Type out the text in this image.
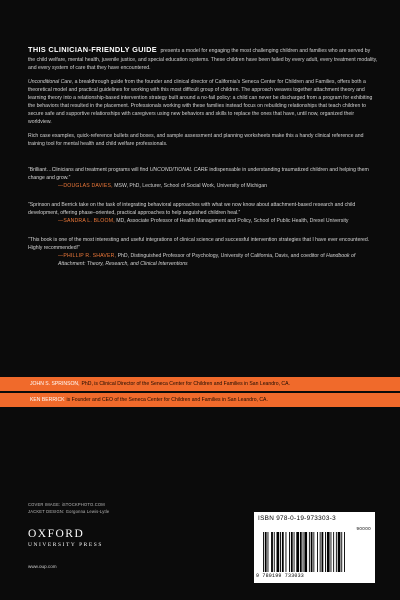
THIS CLINICIAN-FRIENDLY GUIDE presents a model for engaging the most challenging children and families who are served by the child welfare, mental health, juvenile justice, and special education systems. These children have been failed by every adult, every treatment modality, and every system of care that they have encountered.

Unconditional Care, a breakthrough guide from the founder and clinical director of California's Seneca Center for Children and Families, offers both a theoretical model and practical guidelines for working with this most difficult group of children. The approach weaves together attachment theory and learning theory into a relationship-based intervention strategy built around a no-fail policy: a child can never be discharged from a program for exhibiting the behaviors that resulted in the placement. Professionals working with these families instead focus on rebuilding relationships that teach children to secure safe and supportive relationships with caregivers using new behaviors and skills to replace the ones that have, until now, organized their worldview.

Rich case examples, quick-reference bullets and boxes, and sample assessment and planning worksheets make this a handy clinical reference and training tool for mental health and child welfare professionals.

“Brilliant…Clinicians and treatment programs will find UNCONDITIONAL CARE indispensable in understanding traumatized children and helping them change and grow.”

—DOUGLAS DAVIES, MSW, PhD, Lecturer, School of Social Work, University of Michigan

“Sprinson and Berrick take on the task of integrating behavioral approaches with what we now know about attachment-based research and child development, offering phase–oriented, practical approaches to help anguished children heal.”

—SANDRA L. BLOOM, MD, Associate Professor of Health Management and Policy, School of Public Health, Drexel University

“This book is one of the most interesting and useful integrations of clinical science and successful intervention strategies that I have ever encountered. Highly recommended!”

—PHILLIP R. SHAVER, PhD, Distinguished Professor of Psychology, University of California, Davis, and coeditor of Handbook of Attachment: Theory, Research, and Clinical Interventions

JOHN S. SPRINSON, PhD, is Clinical Director of the Seneca Center for Children and Families in San Leandro, CA.
KEN BERRICK is Founder and CEO of the Seneca Center for Children and Families in San Leandro, CA.
COVER IMAGE: iSTOCKPHOTO.COM
JACKET DESIGN: Gorgonna Lewis-Lytle
OXFORD
UNIVERSITY PRESS
www.oup.com
ISBN 978-0-19-973303-3
90000
9 780199 733033
